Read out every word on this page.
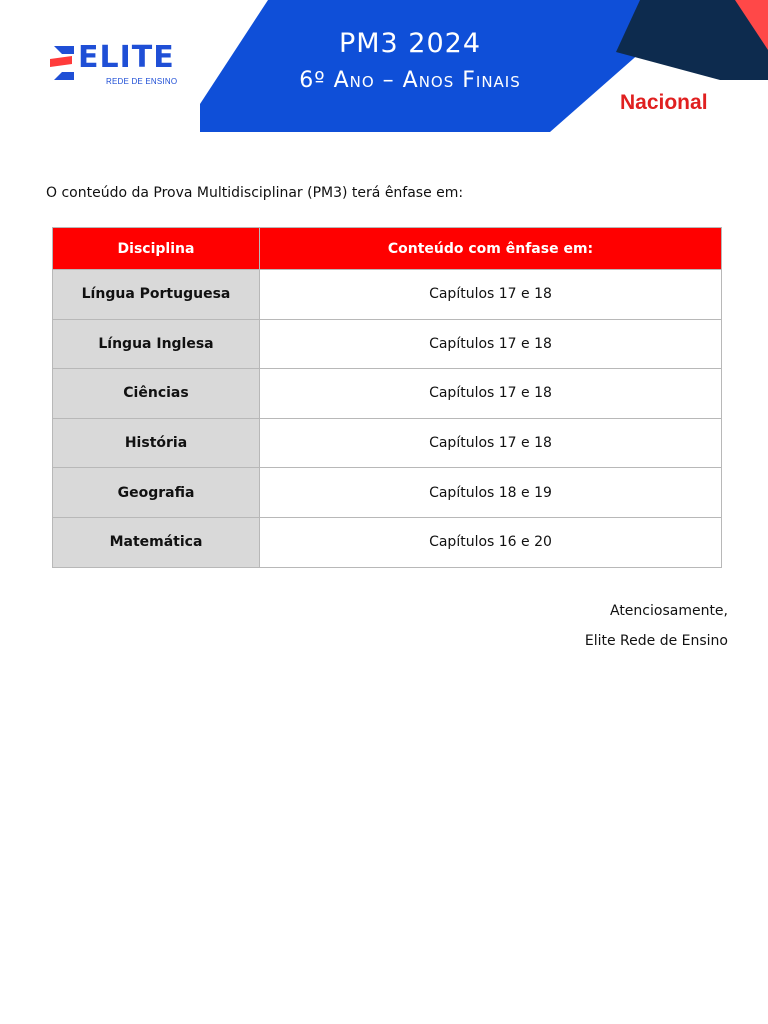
ELITE
REDE DE ENSINO
PM3 2024
6º Ano – Anos Finais
Nacional

O conteúdo da Prova Multidisciplinar (PM3) terá ênfase em:

Disciplina	Conteúdo com ênfase em:
Língua Portuguesa	Capítulos 17 e 18
Língua Inglesa	Capítulos 17 e 18
Ciências	Capítulos 17 e 18
História	Capítulos 17 e 18
Geografia	Capítulos 18 e 19
Matemática	Capítulos 16 e 20
Atenciosamente,
Elite Rede de Ensino
